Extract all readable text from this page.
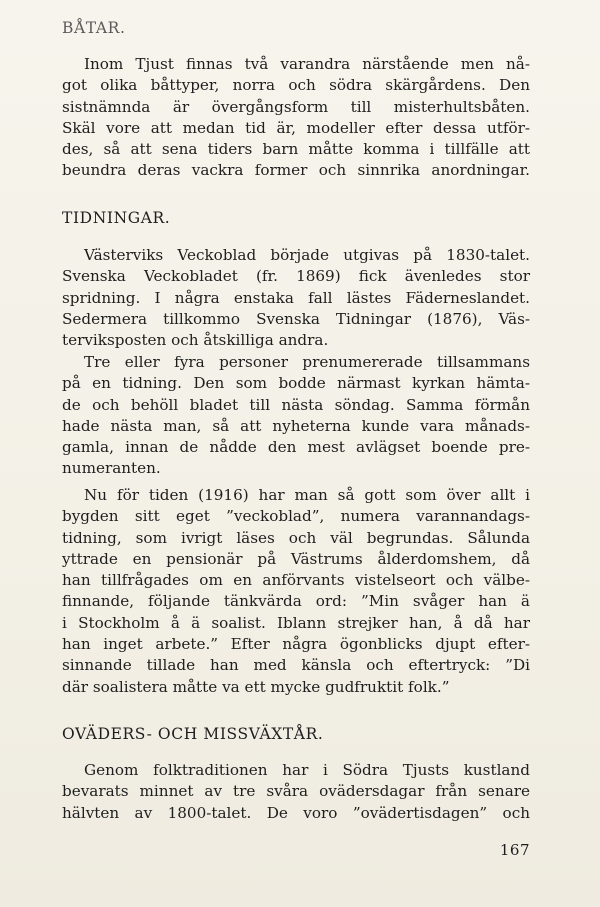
BÅTAR.
Inom Tjust finnas två varandra närstående men nå-
got olika båttyper, norra och södra skärgårdens. Den
sistnämnda är övergångsform till misterhultsbåten.
Skäl vore att medan tid är, modeller efter dessa utför-
des, så att sena tiders barn måtte komma i tillfälle att
beundra deras vackra former och sinnrika anordningar.
TIDNINGAR.
Västerviks Veckoblad började utgivas på 1830-talet.
Svenska Veckobladet (fr. 1869) fick ävenledes stor
spridning. I några enstaka fall lästes Fäderneslandet.
Sedermera tillkommo Svenska Tidningar (1876), Väs-
terviksposten och åtskilliga andra.
Tre eller fyra personer prenumererade tillsammans
på en tidning. Den som bodde närmast kyrkan hämta-
de och behöll bladet till nästa söndag. Samma förmån
hade nästa man, så att nyheterna kunde vara månads-
gamla, innan de nådde den mest avlägset boende pre-
numeranten.
Nu för tiden (1916) har man så gott som över allt i
bygden sitt eget ”veckoblad”, numera varannandags-
tidning, som ivrigt läses och väl begrundas. Sålunda
yttrade en pensionär på Västrums ålderdomshem, då
han tillfrågades om en anförvants vistelseort och välbe-
finnande, följande tänkvärda ord: ”Min svåger han ä
i Stockholm å ä soalist. Iblann strejker han, å då har
han inget arbete.” Efter några ögonblicks djupt efter-
sinnande tillade han med känsla och eftertryck: ”Di
där soalistera måtte va ett mycke gudfruktit folk.”
OVÄDERS- OCH MISSVÄXTÅR.
Genom folktraditionen har i Södra Tjusts kustland
bevarats minnet av tre svåra ovädersdagar från senare
hälvten av 1800-talet. De voro ”ovädertisdagen” och
167
